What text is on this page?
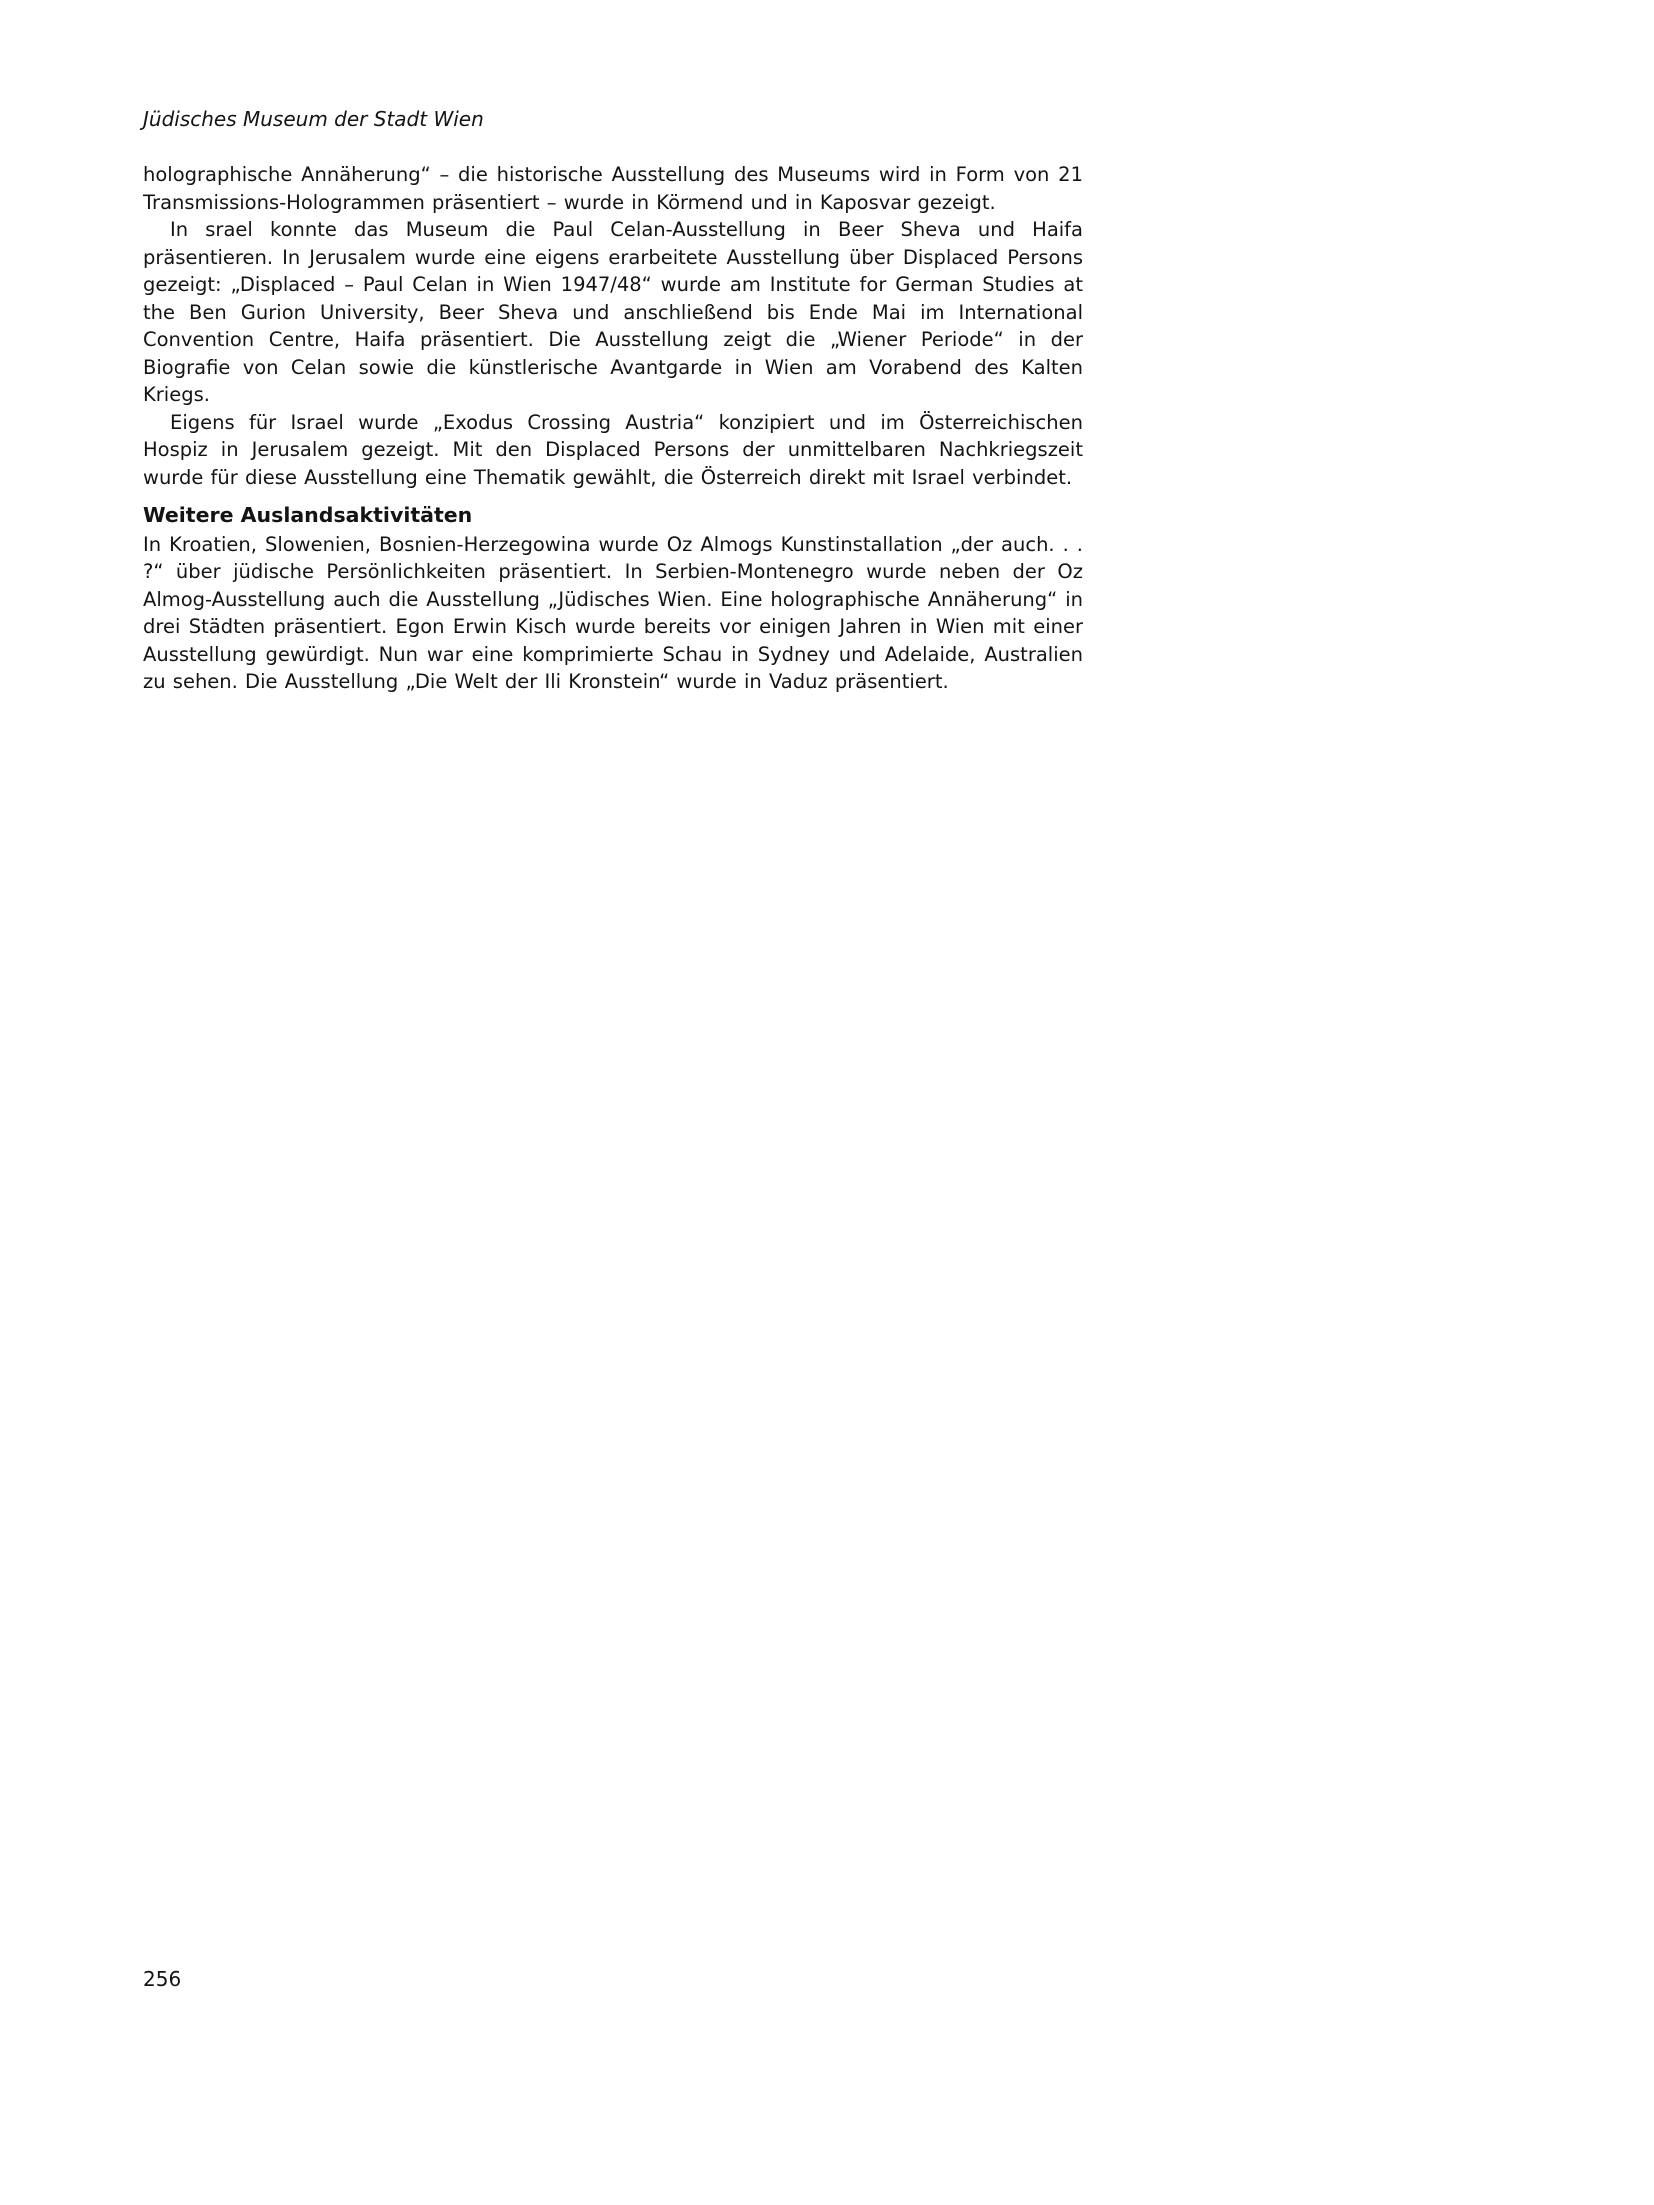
Jüdisches Museum der Stadt Wien

holographische Annäherung“ – die historische Ausstellung des Museums wird in Form von 21 Transmissions-Hologrammen präsentiert – wurde in Körmend und in Kaposvar gezeigt.

In srael konnte das Museum die Paul Celan-Ausstellung in Beer Sheva und Haifa präsentieren. In Jerusalem wurde eine eigens erarbeitete Ausstellung über Displaced Persons gezeigt: „Displaced – Paul Celan in Wien 1947/48“ wurde am Institute for German Studies at the Ben Gurion University, Beer Sheva und anschließend bis Ende Mai im International Convention Centre, Haifa präsentiert. Die Ausstellung zeigt die „Wiener Periode“ in der Biografie von Celan sowie die künstlerische Avantgarde in Wien am Vorabend des Kalten Kriegs.

Eigens für Israel wurde „Exodus Crossing Austria“ konzipiert und im Österreichischen Hospiz in Jerusalem gezeigt. Mit den Displaced Persons der unmittelbaren Nachkriegszeit wurde für diese Ausstellung eine Thematik gewählt, die Österreich direkt mit Israel verbindet.

Weitere Auslandsaktivitäten

In Kroatien, Slowenien, Bosnien-Herzegowina wurde Oz Almogs Kunstinstallation „der auch. . . ?“ über jüdische Persönlichkeiten präsentiert. In Serbien-Montenegro wurde neben der Oz Almog-Ausstellung auch die Ausstellung „Jüdisches Wien. Eine holographische Annäherung“ in drei Städten präsentiert. Egon Erwin Kisch wurde bereits vor einigen Jahren in Wien mit einer Ausstellung gewürdigt. Nun war eine komprimierte Schau in Sydney und Adelaide, Australien zu sehen. Die Ausstellung „Die Welt der Ili Kronstein“ wurde in Vaduz präsentiert.

256
